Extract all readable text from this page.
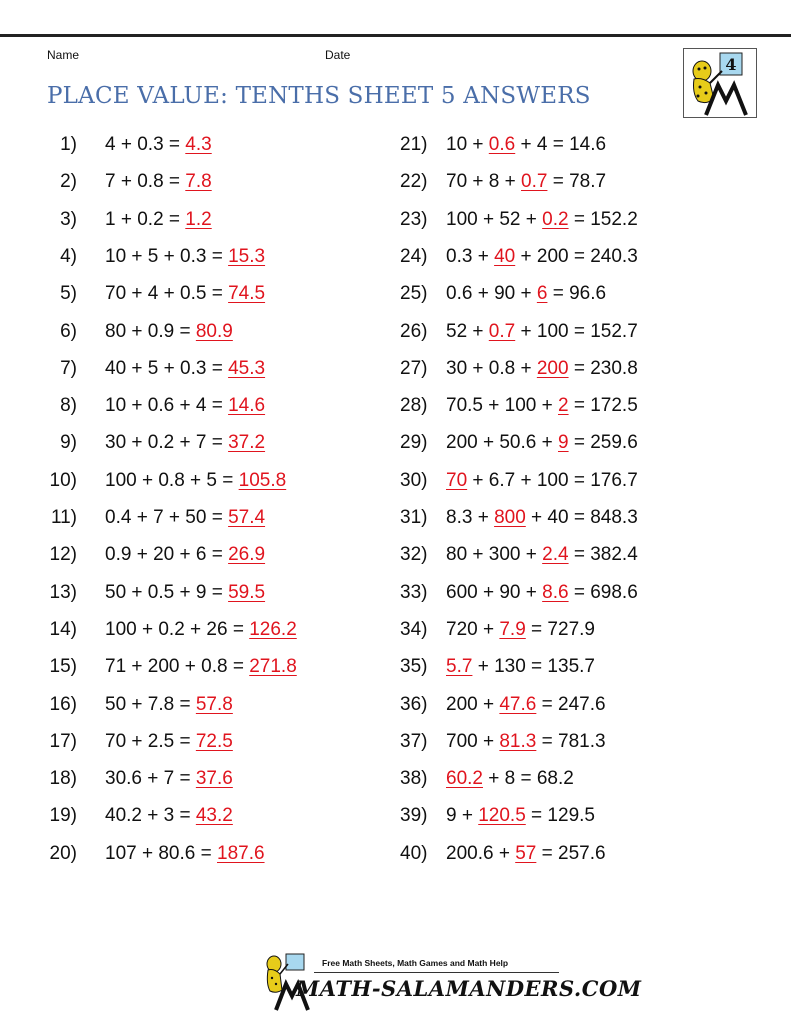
Name	Date
PLACE VALUE: TENTHS SHEET 5 ANSWERS
4
1)	4 + 0.3 = 4.3
2)	7 + 0.8 = 7.8
3)	1 + 0.2 = 1.2
4)	10 + 5 + 0.3 = 15.3
5)	70 + 4 + 0.5 = 74.5
6)	80 + 0.9 = 80.9
7)	40 + 5 + 0.3 = 45.3
8)	10 + 0.6 + 4 = 14.6
9)	30 + 0.2 + 7 = 37.2
10)	100 + 0.8 + 5 = 105.8
11)	0.4 + 7 + 50 = 57.4
12)	0.9 + 20 + 6 = 26.9
13)	50 + 0.5 + 9 = 59.5
14)	100 + 0.2 + 26 = 126.2
15)	71 + 200 + 0.8 = 271.8
16)	50 + 7.8 = 57.8
17)	70 + 2.5 = 72.5
18)	30.6 + 7 = 37.6
19)	40.2 + 3 = 43.2
20)	107 + 80.6 = 187.6
21) 10 + 0.6 + 4 = 14.6
22) 70 + 8 + 0.7 = 78.7
23) 100 + 52 + 0.2 = 152.2
24) 0.3 + 40 + 200 = 240.3
25) 0.6 + 90 + 6 = 96.6
26) 52 + 0.7 + 100 = 152.7
27) 30 + 0.8 + 200 = 230.8
28) 70.5 + 100 + 2 = 172.5
29) 200 + 50.6 + 9 = 259.6
30) 70 + 6.7 + 100 = 176.7
31) 8.3 + 800 + 40 = 848.3
32) 80 + 300 + 2.4 = 382.4
33) 600 + 90 + 8.6 = 698.6
34) 720 + 7.9 = 727.9
35) 5.7 + 130 = 135.7
36) 200 + 47.6 = 247.6
37) 700 + 81.3 = 781.3
38) 60.2 + 8 = 68.2
39) 9 + 120.5 = 129.5
40) 200.6 + 57 = 257.6
Free Math Sheets, Math Games and Math Help
MATH-SALAMANDERS.COM
